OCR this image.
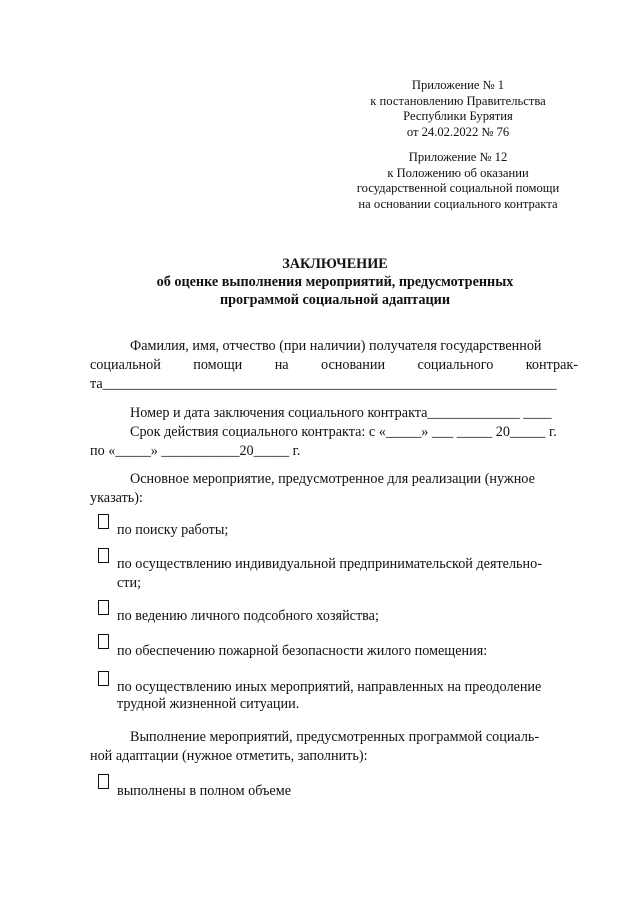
Приложение № 1
к постановлению Правительства
Республики Бурятия
от 24.02.2022 № 76
Приложение № 12
к Положению об оказании
государственной социальной помощи
на основании социального контракта
ЗАКЛЮЧЕНИЕ
об оценке выполнения мероприятий, предусмотренных
программой социальной адаптации
Фамилия, имя, отчество (при наличии) получателя государственной
социальной помощи на основании социального контрак-
та________________________________________________________________
Номер и дата заключения социального контракта_____________ ____
Срок действия социального контракта: с «_____» ___ _____ 20_____ г.
по «_____» ___________20_____ г.
Основное мероприятие, предусмотренное для реализации (нужное
указать):
по поиску работы;
по осуществлению индивидуальной предпринимательской деятельно-
сти;
по ведению личного подсобного хозяйства;
по обеспечению пожарной безопасности жилого помещения:
по осуществлению иных мероприятий, направленных на преодоление
трудной жизненной ситуации.
Выполнение мероприятий, предусмотренных программой социаль-
ной адаптации (нужное отметить, заполнить):
выполнены в полном объеме
